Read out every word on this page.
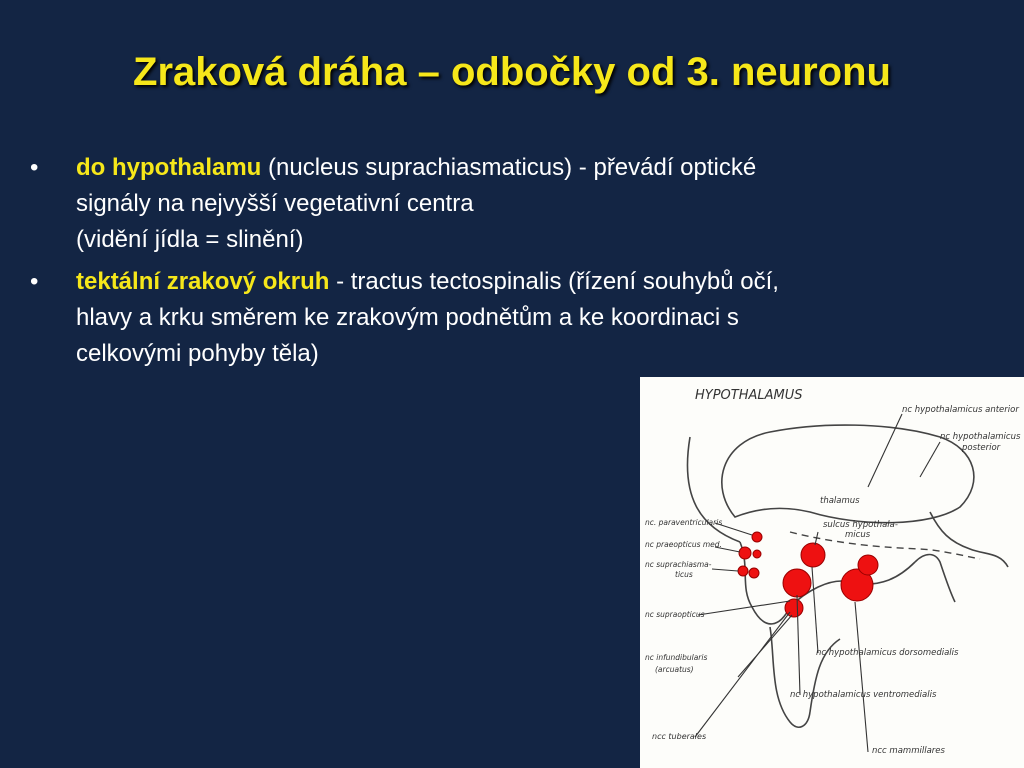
Zraková dráha – odbočky od 3. neuronu
• do hypothalamu (nucleus suprachiasmaticus) - převádí optické
signály na nejvyšší vegetativní centra
(vidění jídla = slinění)
• tektální zrakový okruh - tractus tectospinalis (řízení souhybů očí,
hlavy a krku směrem ke zrakovým podnětům a ke koordinaci s
celkovými pohyby těla)
HYPOTHALAMUS
nc hypothalamicus anterior
nc hypothalamicus
posterior
thalamus
sulcus hypothala-
micus
nc. paraventricularis
nc praeopticus med.
nc suprachiasma-
ticus
nc supraopticus
nc infundibularis
(arcuatus)
nc hypothalamicus dorsomedialis
nc hypothalamicus ventromedialis
ncc tuberales
ncc mammillares
